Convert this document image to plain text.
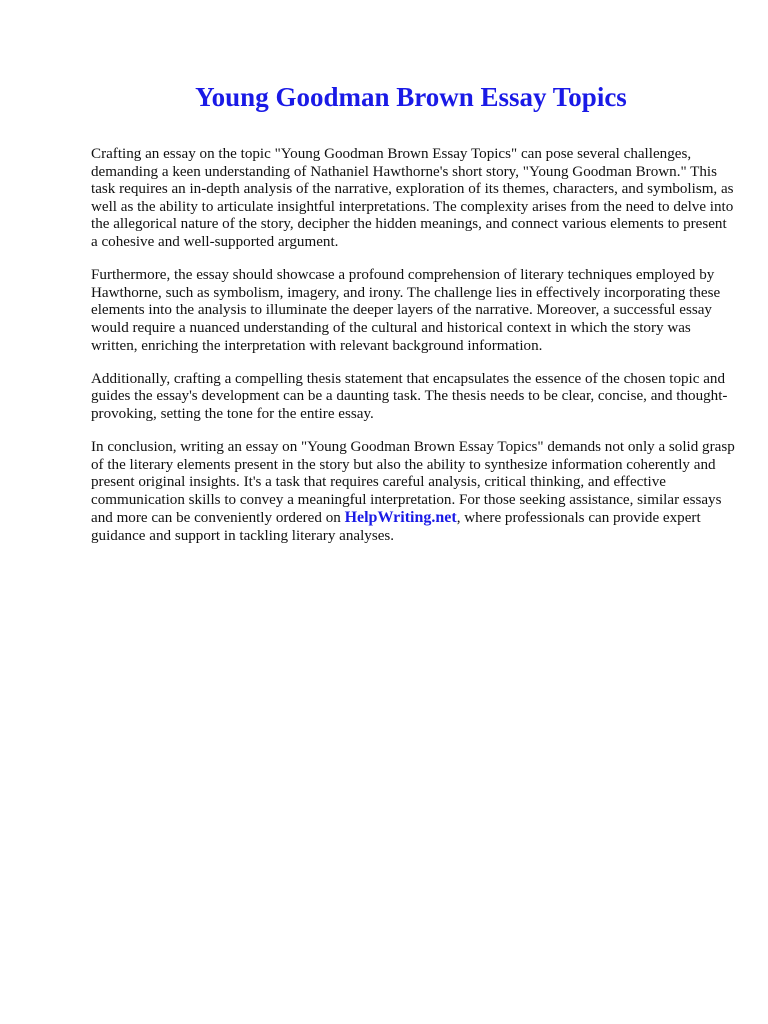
Young Goodman Brown Essay Topics

Crafting an essay on the topic "Young Goodman Brown Essay Topics" can pose several challenges, demanding a keen understanding of Nathaniel Hawthorne's short story, "Young Goodman Brown." This task requires an in-depth analysis of the narrative, exploration of its themes, characters, and symbolism, as well as the ability to articulate insightful interpretations. The complexity arises from the need to delve into the allegorical nature of the story, decipher the hidden meanings, and connect various elements to present a cohesive and well-supported argument.

Furthermore, the essay should showcase a profound comprehension of literary techniques employed by Hawthorne, such as symbolism, imagery, and irony. The challenge lies in effectively incorporating these elements into the analysis to illuminate the deeper layers of the narrative. Moreover, a successful essay would require a nuanced understanding of the cultural and historical context in which the story was written, enriching the interpretation with relevant background information.

Additionally, crafting a compelling thesis statement that encapsulates the essence of the chosen topic and guides the essay's development can be a daunting task. The thesis needs to be clear, concise, and thought-provoking, setting the tone for the entire essay.

In conclusion, writing an essay on "Young Goodman Brown Essay Topics" demands not only a solid grasp of the literary elements present in the story but also the ability to synthesize information coherently and present original insights. It's a task that requires careful analysis, critical thinking, and effective communication skills to convey a meaningful interpretation. For those seeking assistance, similar essays and more can be conveniently ordered on HelpWriting.net, where professionals can provide expert guidance and support in tackling literary analyses.
